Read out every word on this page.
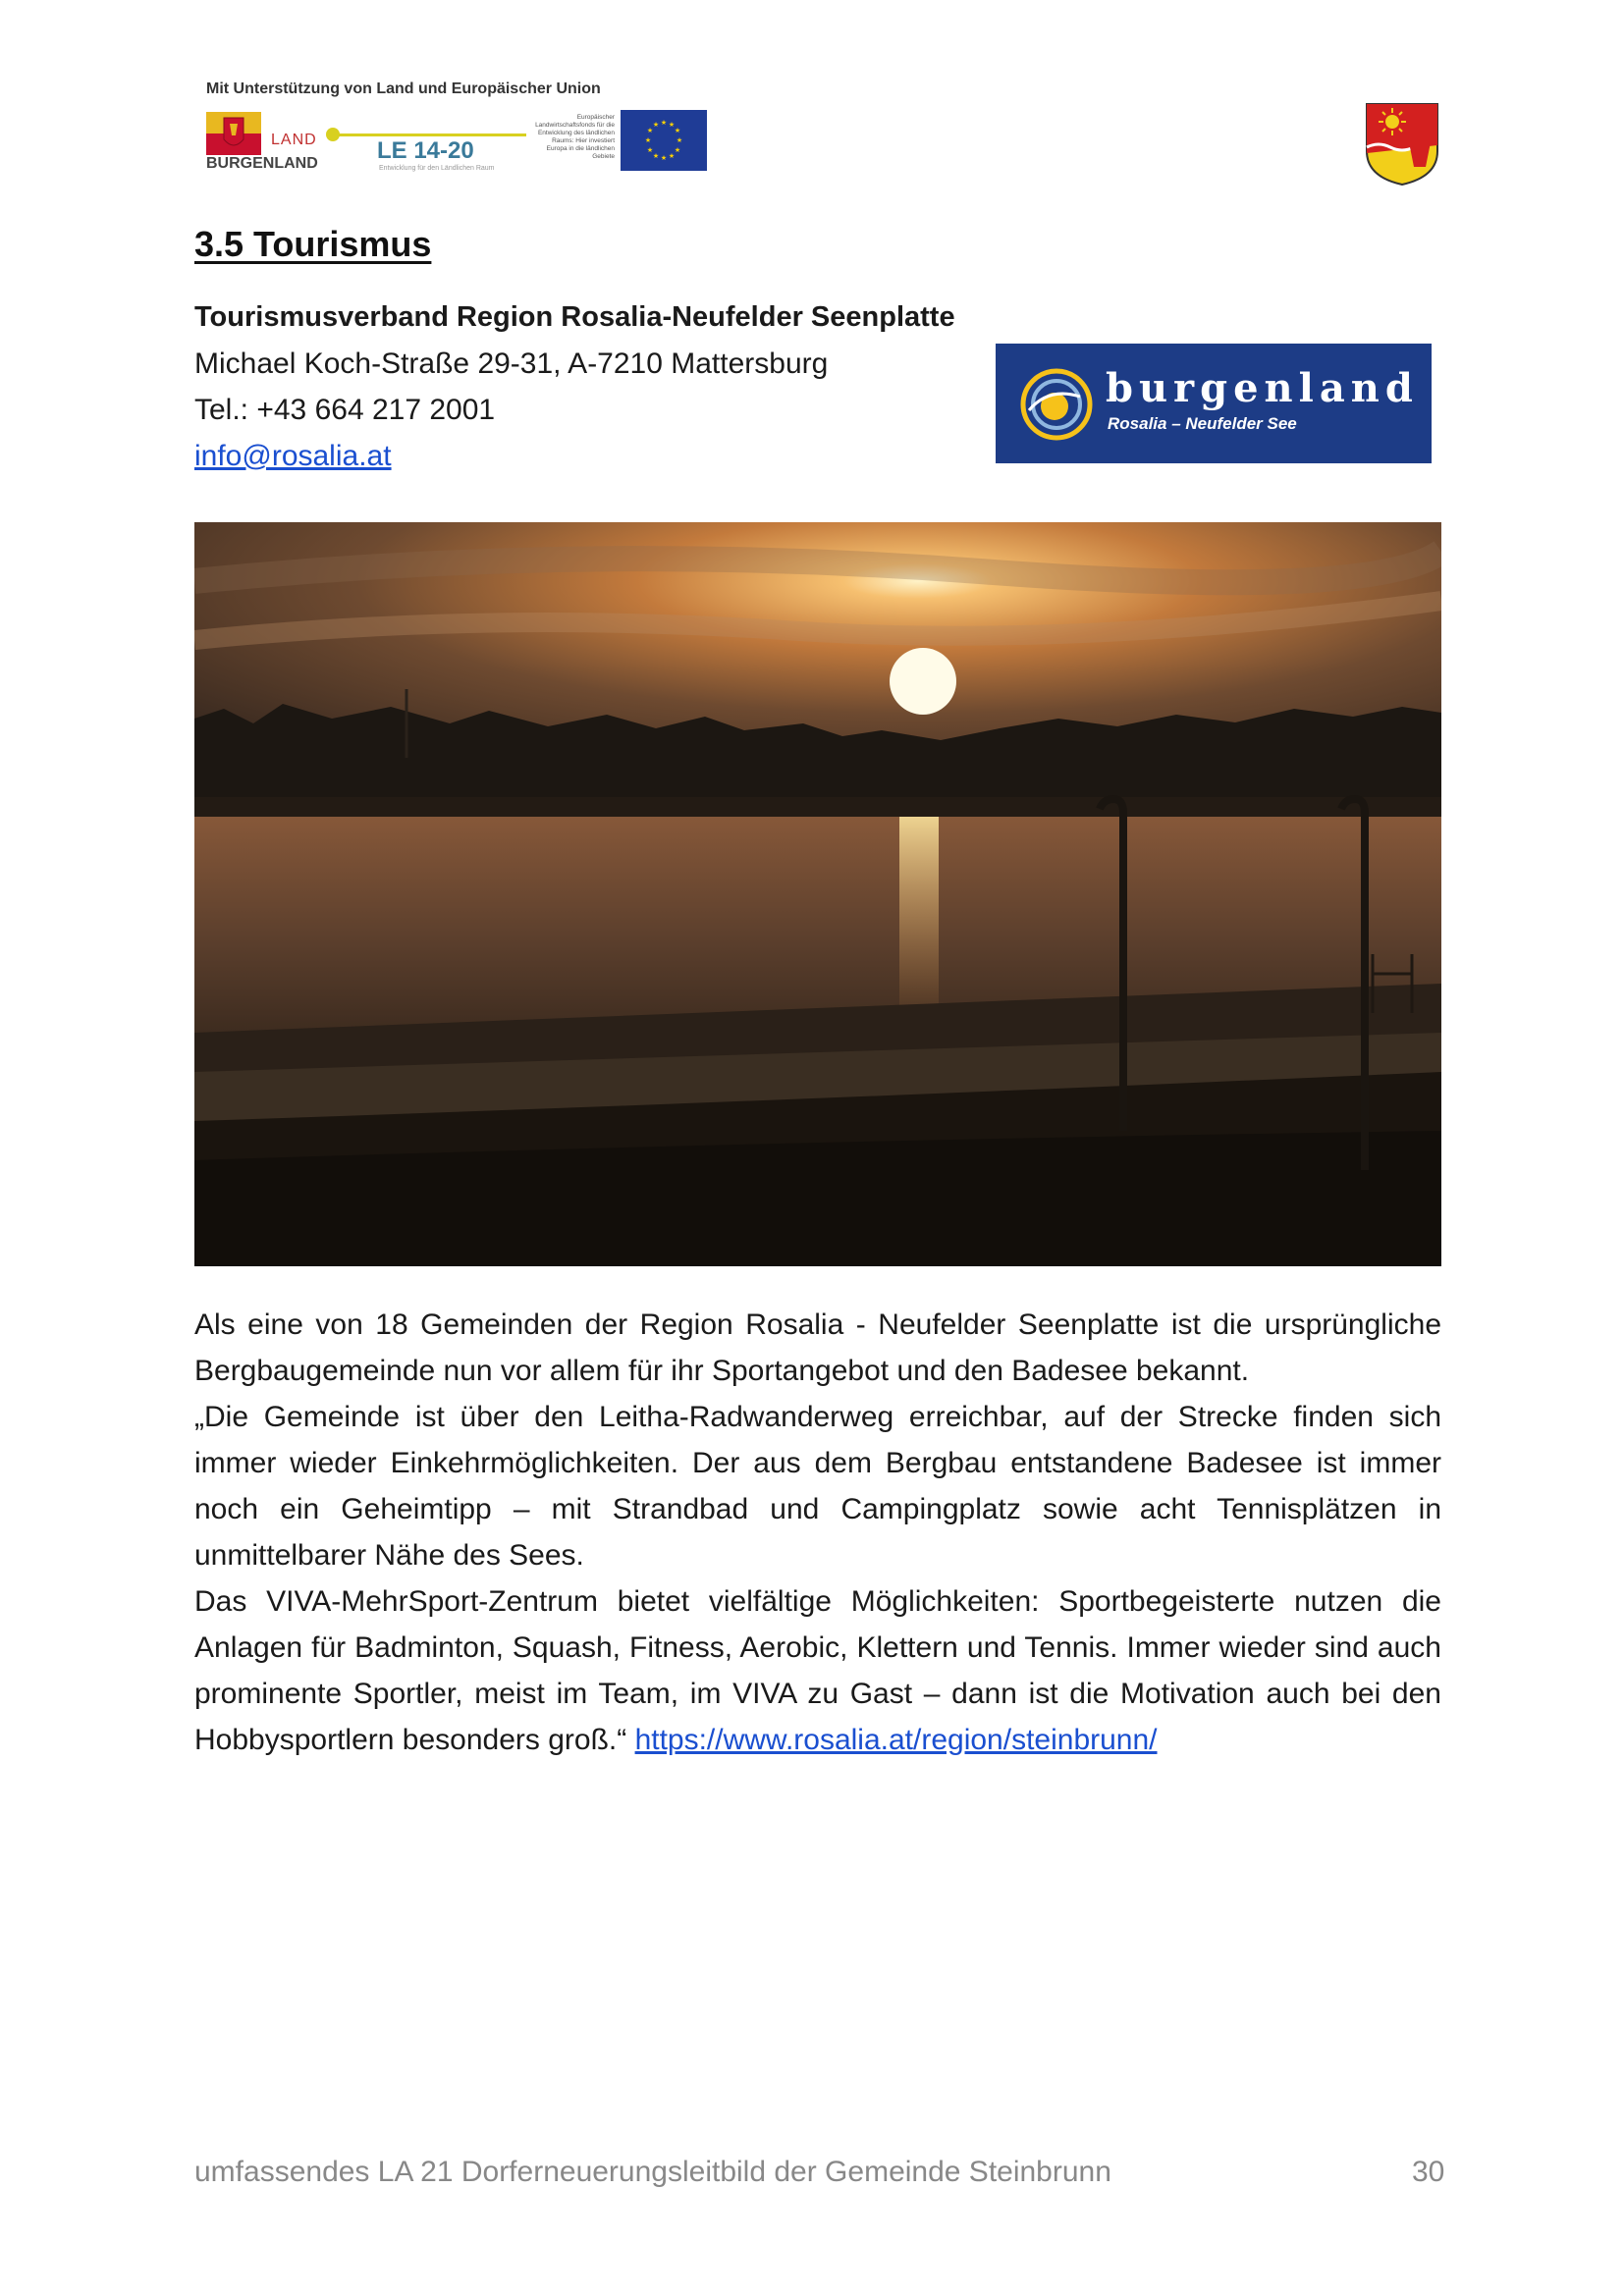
Mit Unterstützung von Land und Europäischer Union
LAND
BURGENLAND	LE 14-20
Entwicklung für den Ländlichen Raum
Europäischer Landwirtschaftsfonds für die Entwicklung des ländlichen Raums: Hier investiert Europa in die ländlichen Gebiete
★ ★
★
★
★
★
★
★
★
★
★
★
3.5 Tourismus
Tourismusverband Region Rosalia-Neufelder Seenplatte
Michael Koch-Straße 29-31, A-7210 Mattersburg
Tel.: +43 664 217 2001
info@rosalia.at
burgenland
Rosalia – Neufelder See

Als eine von 18 Gemeinden der Region Rosalia - Neufelder Seenplatte ist die ursprüngliche Bergbaugemeinde nun vor allem für ihr Sportangebot und den Badesee bekannt.

„Die Gemeinde ist über den Leitha-Radwanderweg erreichbar, auf der Strecke finden sich immer wieder Einkehrmöglichkeiten. Der aus dem Bergbau entstandene Badesee ist immer noch ein Geheimtipp – mit Strandbad und Campingplatz sowie acht Tennisplätzen in unmittelbarer Nähe des Sees.

Das VIVA-MehrSport-Zentrum bietet vielfältige Möglichkeiten: Sportbegeisterte nutzen die Anlagen für Badminton, Squash, Fitness, Aerobic, Klettern und Tennis. Immer wieder sind auch prominente Sportler, meist im Team, im VIVA zu Gast – dann ist die Motivation auch bei den Hobbysportlern besonders groß.“ https://www.rosalia.at/region/steinbrunn/

umfassendes LA 21 Dorferneuerungsleitbild der Gemeinde Steinbrunn	30
